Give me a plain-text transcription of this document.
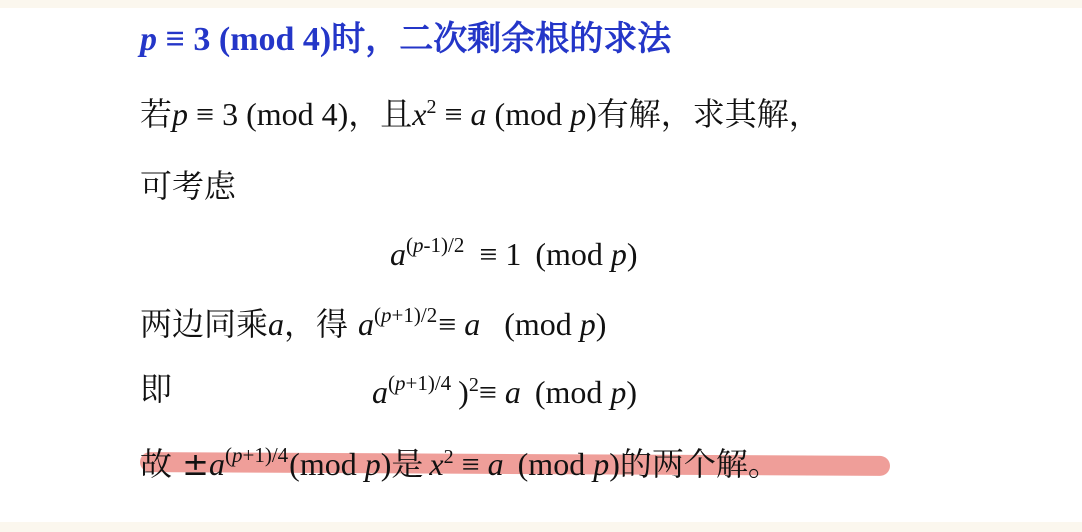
p ≡ 3 (mod 4)时，二次剩余根的求法
若p ≡ 3 (mod 4)，且$x^2 \equiv a$ (mod p)有解，求其解，
可考虑
$a^{(p-1)/2} \equiv 1$ (mod p)
两边同乘a，得 $a^{(p+1)/2}\equiv a$ (mod p)
即	$a^{(p+1)/4}$ )$^2$≡ a (mod p)
故 $\pm a^{(p+1)/4}(mod$ p)是 $x^2 \equiv a$ (mod p)的两个解。
